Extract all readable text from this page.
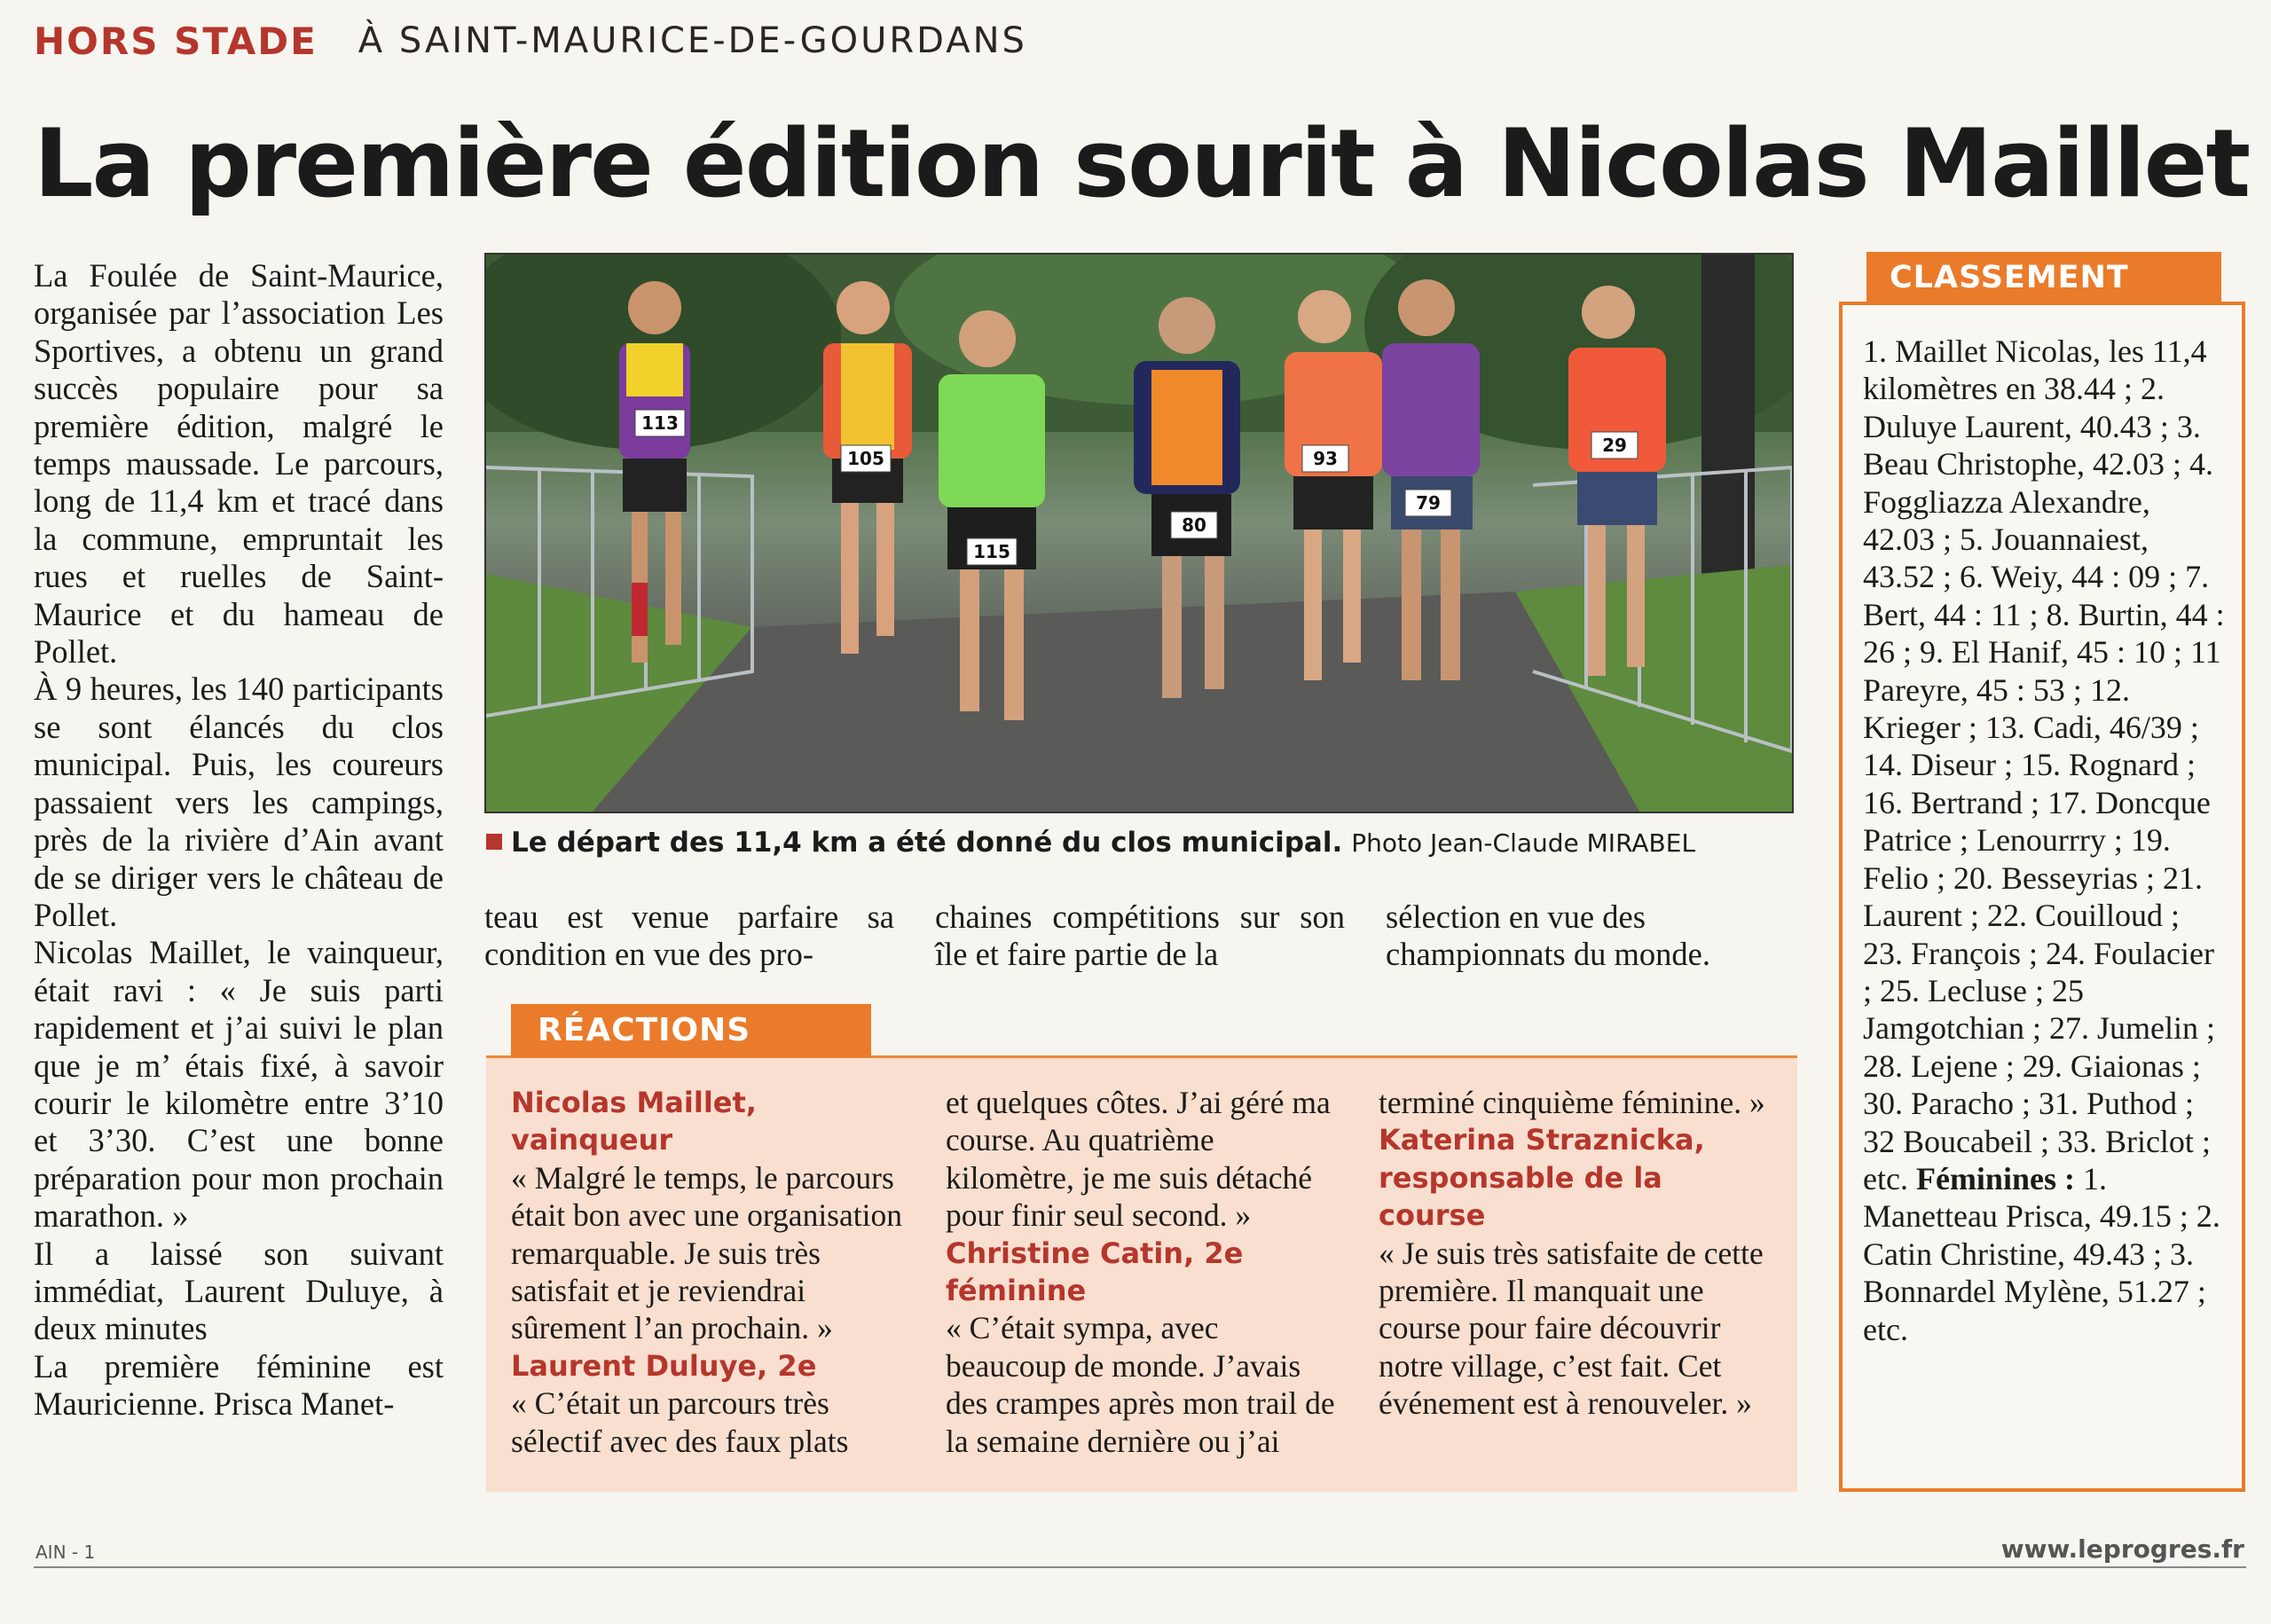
HORS STADE À SAINT-MAURICE-DE-GOURDANS
La première édition sourit à Nicolas Maillet

La Foulée de Saint-Maurice, organisée par l’association Les Sportives, a obtenu un grand succès populaire pour sa première édition, malgré le temps maussade. Le parcours, long de 11,4 km et tracé dans la commune, empruntait les rues et ruelles de Saint-Maurice et du hameau de Pollet.

À 9 heures, les 140 participants se sont élancés du clos municipal. Puis, les coureurs passaient vers les campings, près de la rivière d’Ain avant de se diriger vers le château de Pollet.

Nicolas Maillet, le vainqueur, était ravi : « Je suis parti rapidement et j’ai suivi le plan que je m’ étais fixé, à savoir courir le kilomètre entre 3’10 et 3’30. C’est une bonne préparation pour mon prochain marathon. »

Il a laissé son suivant immédiat, Laurent Duluye, à deux minutes

La première féminine est Mauricienne. Prisca Manet-

113
105
115
80
93
79
29
Le départ des 11,4 km a été donné du clos municipal. Photo Jean-Claude MIRABEL
teau est venue parfaire sa condition en vue des pro-
chaines compétitions sur son île et faire partie de la
sélection en vue des championnats du monde.
RÉACTIONS

Nicolas Maillet, vainqueur

« Malgré le temps, le parcours était bon avec une organisation remarquable. Je suis très satisfait et je reviendrai sûrement l’an prochain. »

Laurent Duluye, 2e

« C’était un parcours très sélectif avec des faux plats

et quelques côtes. J’ai géré ma course. Au quatrième kilomètre, je me suis détaché pour finir seul second. »

Christine Catin, 2e féminine

« C’était sympa, avec beaucoup de monde. J’avais des crampes après mon trail de la semaine dernière ou j’ai

terminé cinquième féminine. »

Katerina Straznicka, responsable de la course

« Je suis très satisfaite de cette première. Il manquait une course pour faire découvrir notre village, c’est fait. Cet événement est à renouveler. »

CLASSEMENT
1. Maillet Nicolas, les 11,4 kilomètres en 38.44 ; 2. Duluye Laurent, 40.43 ; 3. Beau Christophe, 42.03 ; 4. Foggliazza Alexandre, 42.03 ; 5. Jouannaiest, 43.52 ; 6. Weiy, 44 : 09 ; 7. Bert, 44 : 11 ; 8. Burtin, 44 : 26 ; 9. El Hanif, 45 : 10 ; 11 Pareyre, 45 : 53 ; 12. Krieger ; 13. Cadi, 46/39 ; 14. Diseur ; 15. Rognard ; 16. Bertrand ; 17. Doncque Patrice ; Lenourrry ; 19. Felio ; 20. Besseyrias ; 21. Laurent ; 22. Couilloud ; 23. François ; 24. Foulacier ; 25. Lecluse ; 25 Jamgotchian ; 27. Jumelin ; 28. Lejene ; 29. Giaionas ; 30. Paracho ; 31. Puthod ; 32 Boucabeil ; 33. Briclot ; etc. Féminines : 1. Manetteau Prisca, 49.15 ; 2. Catin Christine, 49.43 ; 3. Bonnardel Mylène, 51.27 ; etc.
AIN - 1	www.leprogres.fr
